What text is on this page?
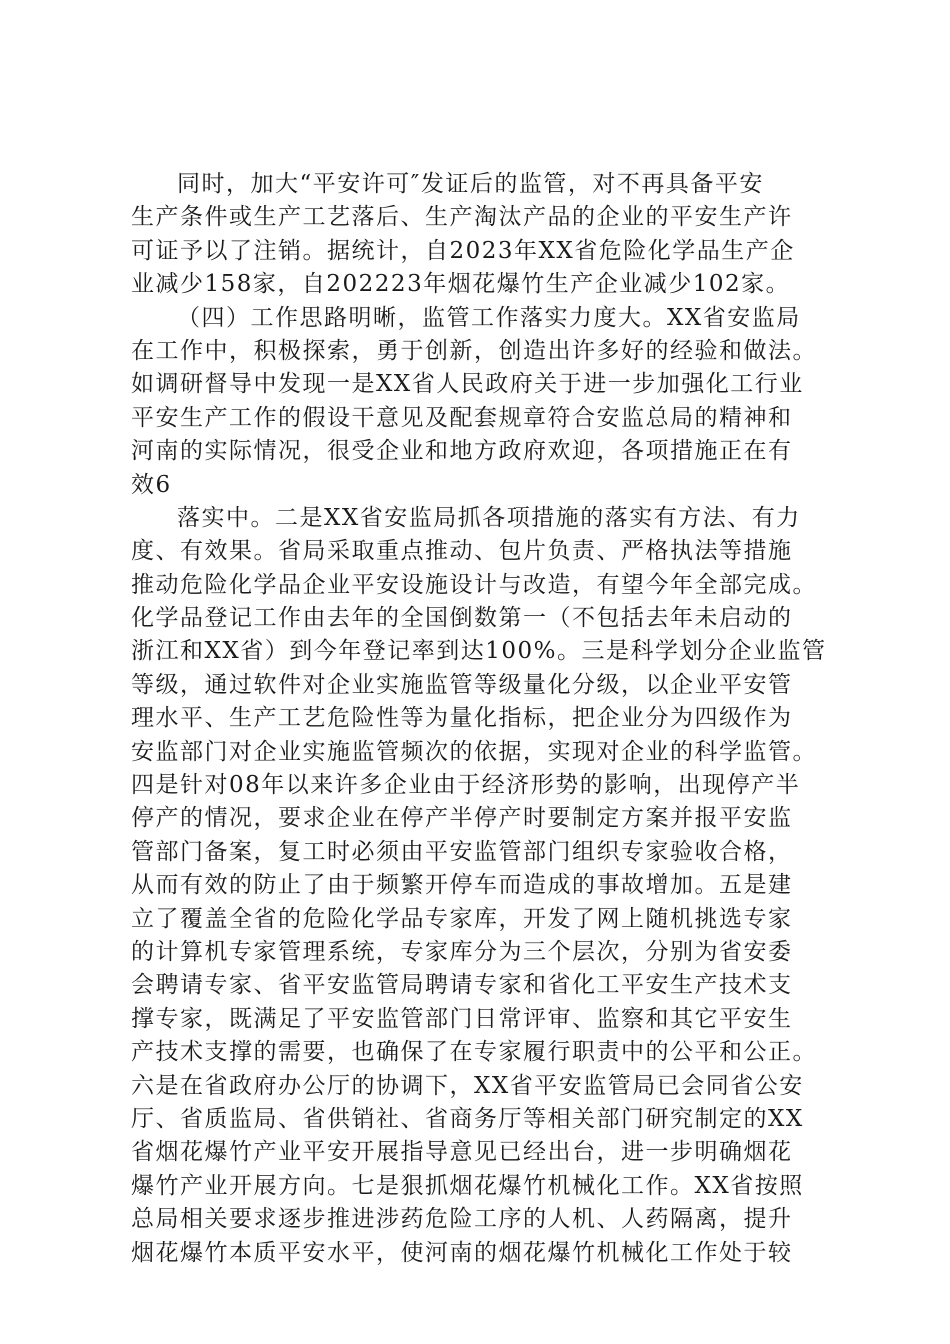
同时，加大“平安许可″发证后的监管，对不再具备平安
生产条件或生产工艺落后、生产淘汰产品的企业的平安生产许
可证予以了注销。据统计，自2023年XX省危险化学品生产企
业减少158家，自202223年烟花爆竹生产企业减少102家。
（四）工作思路明晰，监管工作落实力度大。XX省安监局
在工作中，积极探索，勇于创新，创造出许多好的经验和做法。
如调研督导中发现一是XX省人民政府关于进一步加强化工行业
平安生产工作的假设干意见及配套规章符合安监总局的精神和
河南的实际情况，很受企业和地方政府欢迎，各项措施正在有
效6
落实中。二是XX省安监局抓各项措施的落实有方法、有力
度、有效果。省局采取重点推动、包片负责、严格执法等措施
推动危险化学品企业平安设施设计与改造，有望今年全部完成。
化学品登记工作由去年的全国倒数第一（不包括去年未启动的
浙江和XX省）到今年登记率到达100%。三是科学划分企业监管
等级，通过软件对企业实施监管等级量化分级，以企业平安管
理水平、生产工艺危险性等为量化指标，把企业分为四级作为
安监部门对企业实施监管频次的依据，实现对企业的科学监管。
四是针对08年以来许多企业由于经济形势的影响，出现停产半
停产的情况，要求企业在停产半停产时要制定方案并报平安监
管部门备案，复工时必须由平安监管部门组织专家验收合格，
从而有效的防止了由于频繁开停车而造成的事故增加。五是建
立了覆盖全省的危险化学品专家库，开发了网上随机挑选专家
的计算机专家管理系统，专家库分为三个层次，分别为省安委
会聘请专家、省平安监管局聘请专家和省化工平安生产技术支
撑专家，既满足了平安监管部门日常评审、监察和其它平安生
产技术支撑的需要，也确保了在专家履行职责中的公平和公正。
六是在省政府办公厅的协调下，XX省平安监管局已会同省公安
厅、省质监局、省供销社、省商务厅等相关部门研究制定的XX
省烟花爆竹产业平安开展指导意见已经出台，进一步明确烟花
爆竹产业开展方向。七是狠抓烟花爆竹机械化工作。XX省按照
总局相关要求逐步推进涉药危险工序的人机、人药隔离，提升
烟花爆竹本质平安水平，使河南的烟花爆竹机械化工作处于较
